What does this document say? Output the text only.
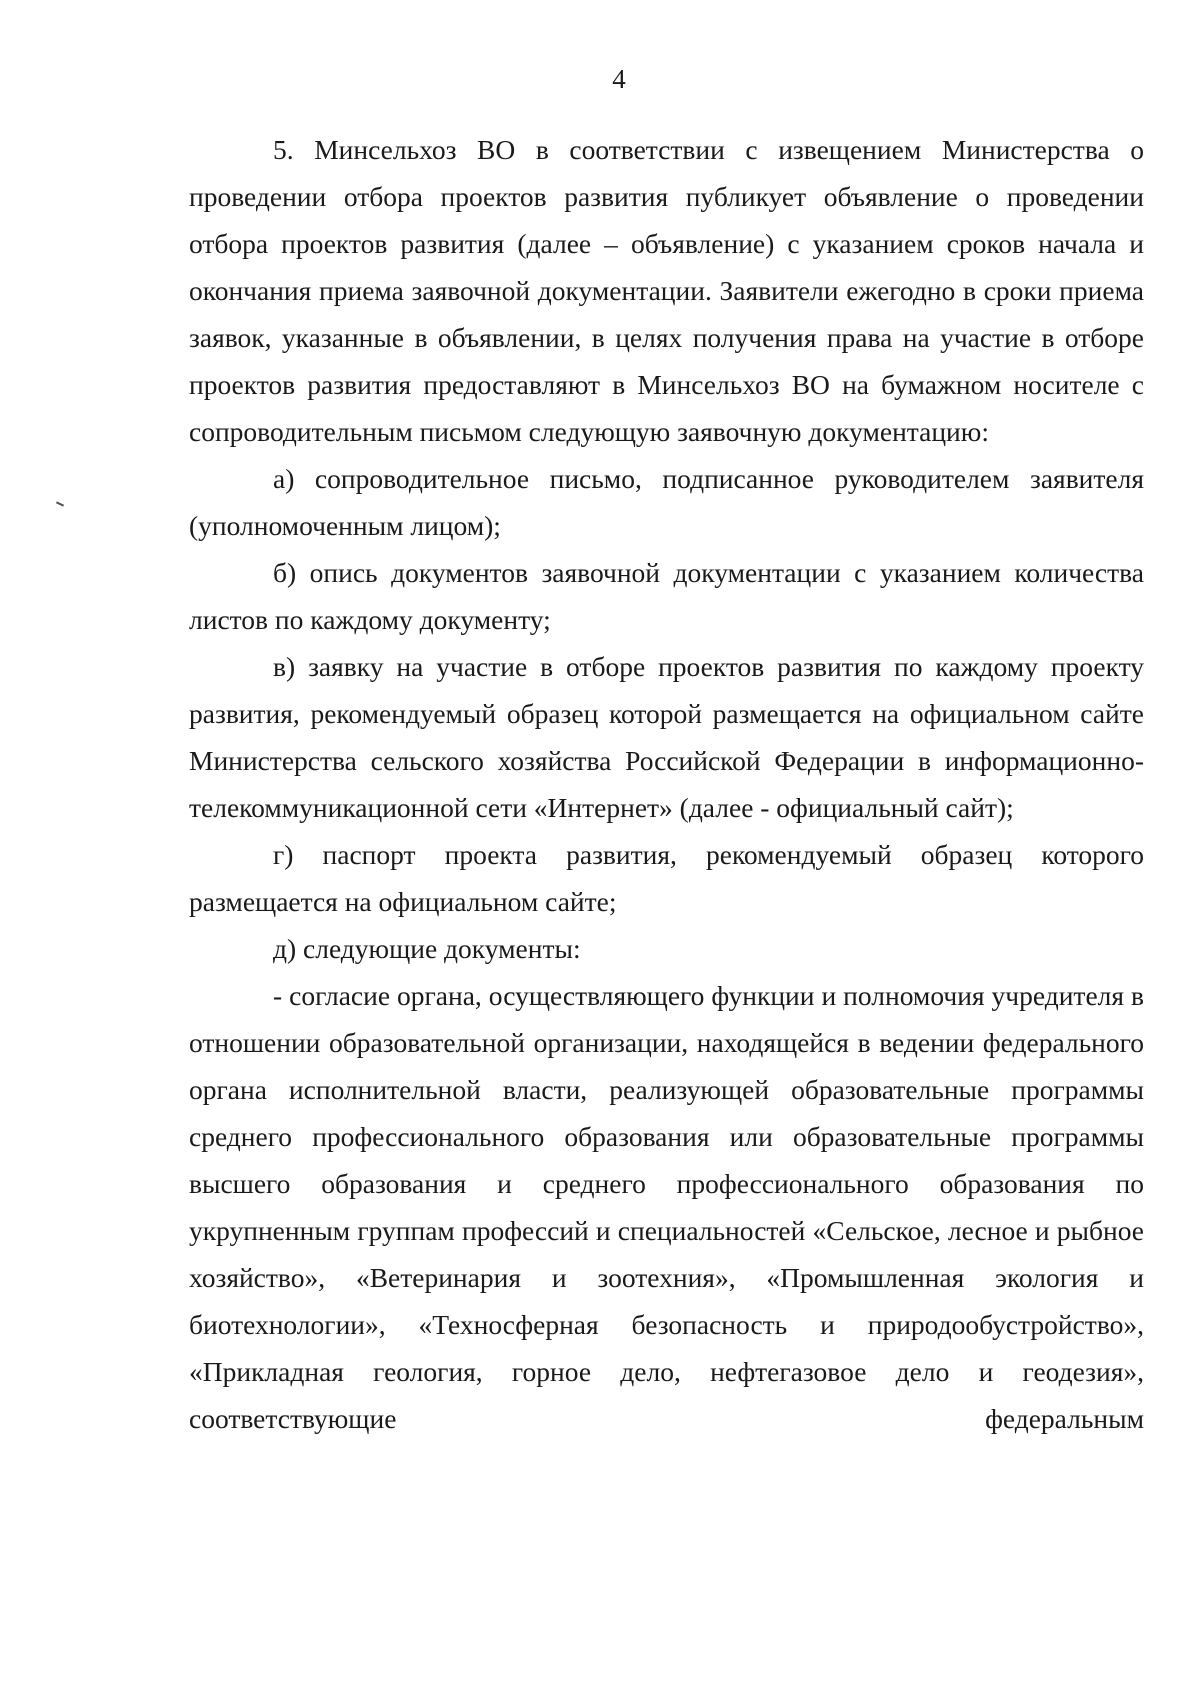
4

5. Минсельхоз ВО в соответствии с извещением Министерства о проведении отбора проектов развития публикует объявление о проведении отбора проектов развития (далее – объявление) с указанием сроков начала и окончания приема заявочной документации. Заявители ежегодно в сроки приема заявок, указанные в объявлении, в целях получения права на участие в отборе проектов развития предоставляют в Минсельхоз ВО на бумажном носителе с сопроводительным письмом следующую заявочную документацию:

а) сопроводительное письмо, подписанное руководителем заявителя (уполномоченным лицом);

б) опись документов заявочной документации с указанием количества листов по каждому документу;

в) заявку на участие в отборе проектов развития по каждому проекту развития, рекомендуемый образец которой размещается на официальном сайте Министерства сельского хозяйства Российской Федерации в информационно-телекоммуникационной сети «Интернет» (далее - официальный сайт);

г) паспорт проекта развития, рекомендуемый образец которого размещается на официальном сайте;

д) следующие документы:

- согласие органа, осуществляющего функции и полномочия учредителя в отношении образовательной организации, находящейся в ведении федерального органа исполнительной власти, реализующей образовательные программы среднего профессионального образования или образовательные программы высшего образования и среднего профессионального образования по укрупненным группам профессий и специальностей «Сельское, лесное и рыбное хозяйство», «Ветеринария и зоотехния», «Промышленная экология и биотехнологии», «Техносферная безопасность и природообустройство», «Прикладная геология, горное дело, нефтегазовое дело и геодезия», соответствующие федеральным
